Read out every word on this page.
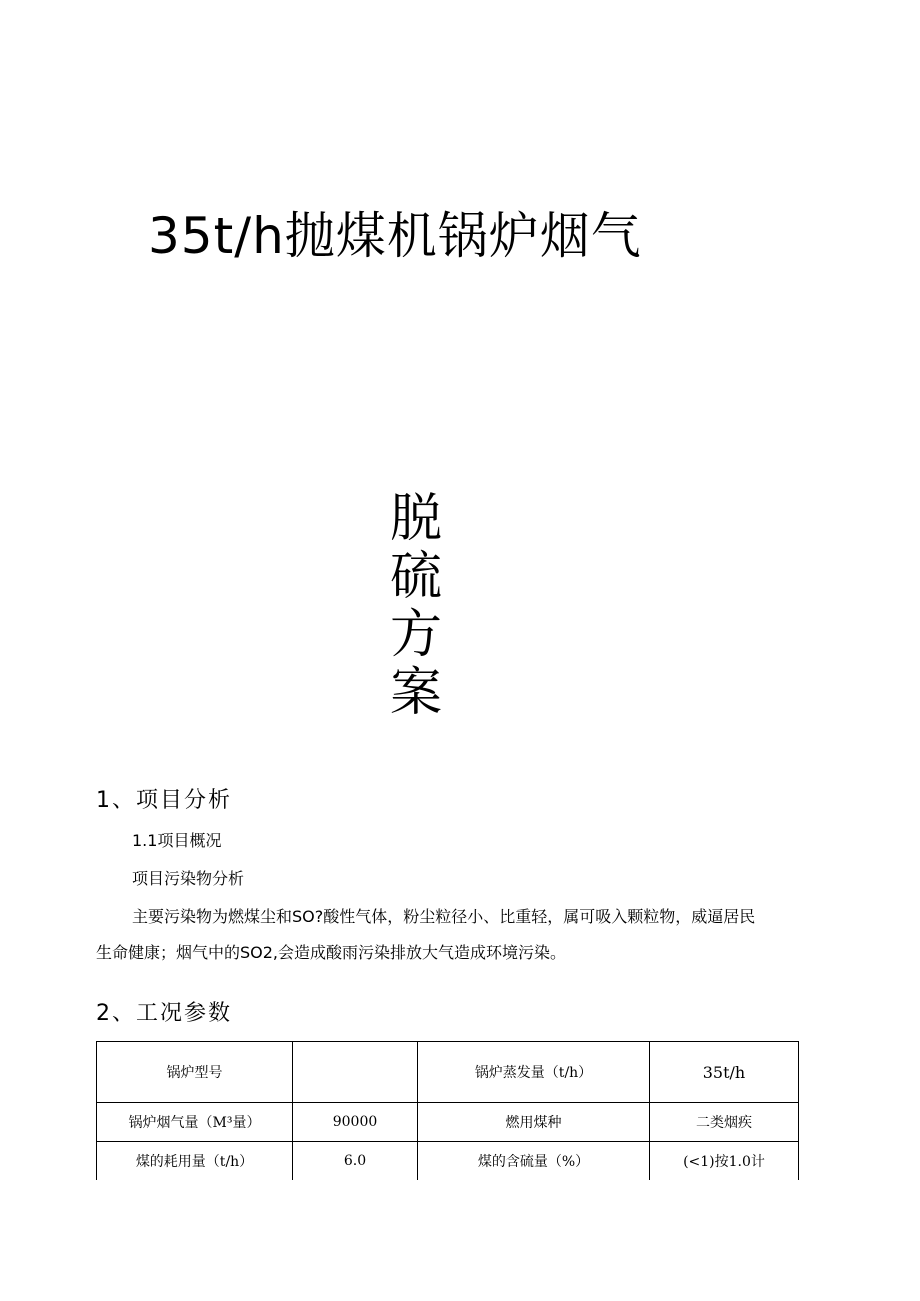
35t/h抛煤机锅炉烟气
脱
硫
方
案
1、项目分析
1.1项目概况
项目污染物分析
主要污染物为燃煤尘和SO?酸性气体，粉尘粒径小、比重轻，属可吸入颗粒物，威逼居民
生命健康；烟气中的SO2,会造成酸雨污染排放大气造成环境污染。
2、工况参数
锅炉型号		锅炉蒸发量（t/h）	35t/h
锅炉烟气量（M³量）	90000	燃用煤种	二类烟疾
煤的耗用量（t/h）	6.0	煤的含硫量（%）	(<1)按1.0计
